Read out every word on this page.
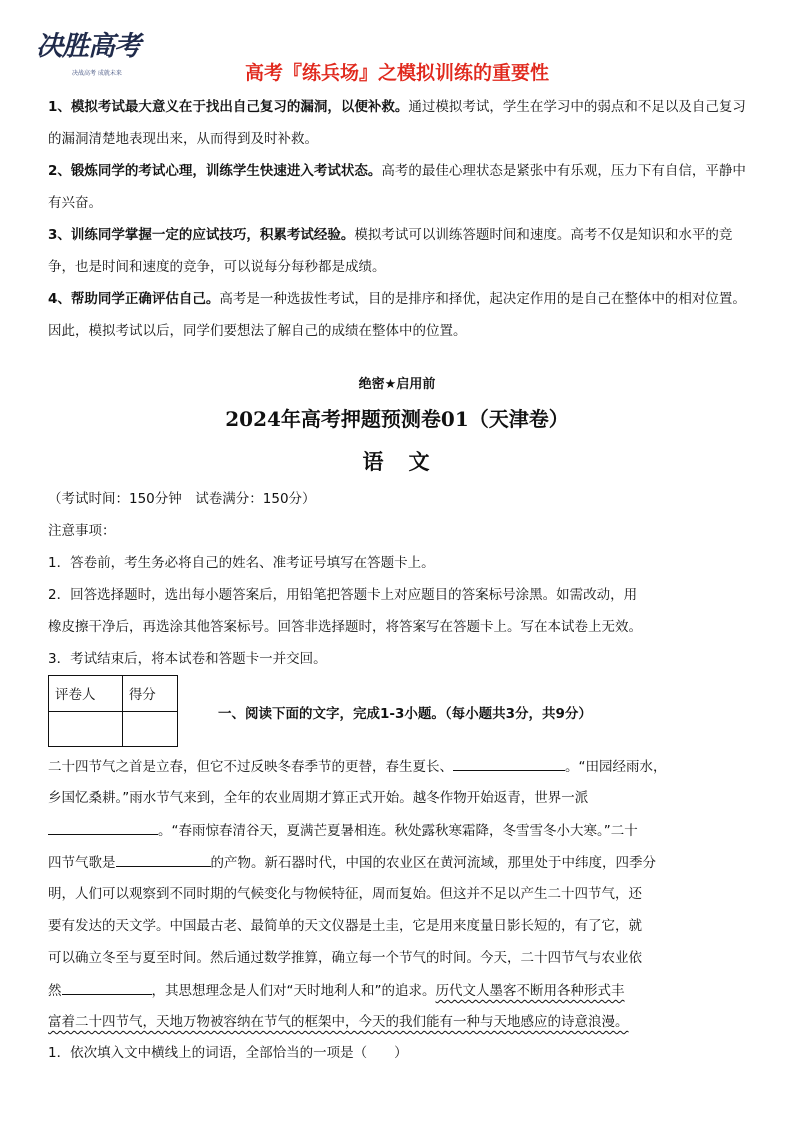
决胜高考
决战高考 成就未来	高考『练兵场』之模拟训练的重要性
1、模拟考试最大意义在于找出自己复习的漏洞，以便补救。通过模拟考试，学生在学习中的弱点和不足以及自己复习的漏洞清楚地表现出来，从而得到及时补救。
2、锻炼同学的考试心理，训练学生快速进入考试状态。高考的最佳心理状态是紧张中有乐观，压力下有自信，平静中有兴奋。
3、训练同学掌握一定的应试技巧，积累考试经验。模拟考试可以训练答题时间和速度。高考不仅是知识和水平的竞争，也是时间和速度的竞争，可以说每分每秒都是成绩。
4、帮助同学正确评估自己。高考是一种选拔性考试，目的是排序和择优，起决定作用的是自己在整体中的相对位置。因此，模拟考试以后，同学们要想法了解自己的成绩在整体中的位置。
绝密★启用前
2024年高考押题预测卷01（天津卷）
语　文
（考试时间：150分钟　试卷满分：150分）
注意事项：
1．答卷前，考生务必将自己的姓名、准考证号填写在答题卡上。
2．回答选择题时，选出每小题答案后，用铅笔把答题卡上对应题目的答案标号涂黑。如需改动，用
橡皮擦干净后，再选涂其他答案标号。回答非选择题时，将答案写在答题卡上。写在本试卷上无效。
3．考试结束后，将本试卷和答题卡一并交回。
评卷人	得分

一、阅读下面的文字，完成1-3小题。（每小题共3分，共9分）
二十四节气之首是立春，但它不过反映冬春季节的更替，春生夏长、	。“田园经雨水，
乡国忆桑耕。”雨水节气来到，全年的农业周期才算正式开始。越冬作物开始返青，世界一派
。“春雨惊春清谷天，夏满芒夏暑相连。秋处露秋寒霜降，冬雪雪冬小大寒。”二十
四节气歌是	的产物。新石器时代，中国的农业区在黄河流域，那里处于中纬度，四季分
明，人们可以观察到不同时期的气候变化与物候特征，周而复始。但这并不足以产生二十四节气，还
要有发达的天文学。中国最古老、最简单的天文仪器是土圭，它是用来度量日影长短的，有了它，就
可以确立冬至与夏至时间。然后通过数学推算，确立每一个节气的时间。今天，二十四节气与农业依
然	，其思想理念是人们对“天时地利人和”的追求。历代文人墨客不断用各种形式丰
富着二十四节气，天地万物被容纳在节气的框架中，今天的我们能有一种与天地感应的诗意浪漫。
1．依次填入文中横线上的词语，全部恰当的一项是（　　）
